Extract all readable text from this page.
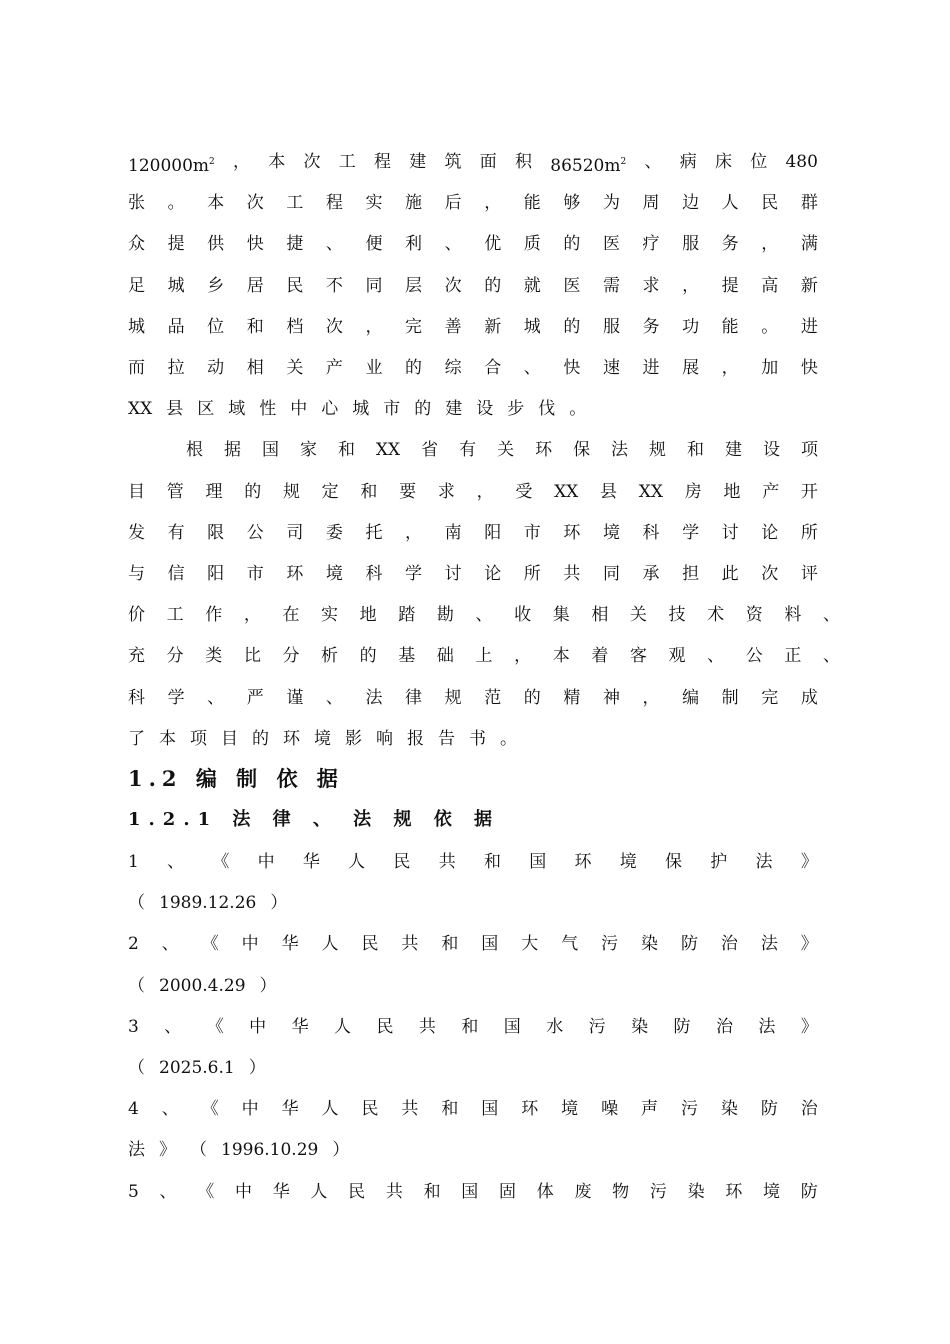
$120000m^2$ ， 本 次 工 程 建 筑 面 积 $86520m^2$ 、 病 床 位 480
张 。 本 次 工 程 实 施 后 ， 能 够 为 周 边 人 民 群
众 提 供 快 捷 、 便 利 、 优 质 的 医 疗 服 务 ， 满
足 城 乡 居 民 不 同 层 次 的 就 医 需 求 ， 提 高 新
城 品 位 和 档 次 ， 完 善 新 城 的 服 务 功 能 。 进
而 拉 动 相 关 产 业 的 综 合 、 快 速 进 展 ， 加 快
XX 县 区 域 性 中 心 城 市 的 建 设 步 伐 。
根 据 国 家 和 XX 省 有 关 环 保 法 规 和 建 设 项
目 管 理 的 规 定 和 要 求 ， 受 XX 县 XX 房 地 产 开
发 有 限 公 司 委 托 ， 南 阳 市 环 境 科 学 讨 论 所
与 信 阳 市 环 境 科 学 讨 论 所 共 同 承 担 此 次 评
价 工 作 ， 在 实 地 踏 勘 、 收 集 相 关 技 术 资 料 、
充 分 类 比 分 析 的 基 础 上 ， 本 着 客 观 、 公 正 、
科 学 、 严 谨 、 法 律 规 范 的 精 神 ， 编 制 完 成
了 本 项 目 的 环 境 影 响 报 告 书 。
1.2 编 制 依 据
1.2.1 法 律 、 法 规 依 据
1 、 《 中 华 人 民 共 和 国 环 境 保 护 法 》
（ 1989.12.26 ）
2 、 《 中 华 人 民 共 和 国 大 气 污 染 防 治 法 》
（ 2000.4.29 ）
3 、 《 中 华 人 民 共 和 国 水 污 染 防 治 法 》
（ 2025.6.1 ）
4 、 《 中 华 人 民 共 和 国 环 境 噪 声 污 染 防 治
法 》 （ 1996.10.29 ）
5 、 《 中 华 人 民 共 和 国 固 体 废 物 污 染 环 境 防
